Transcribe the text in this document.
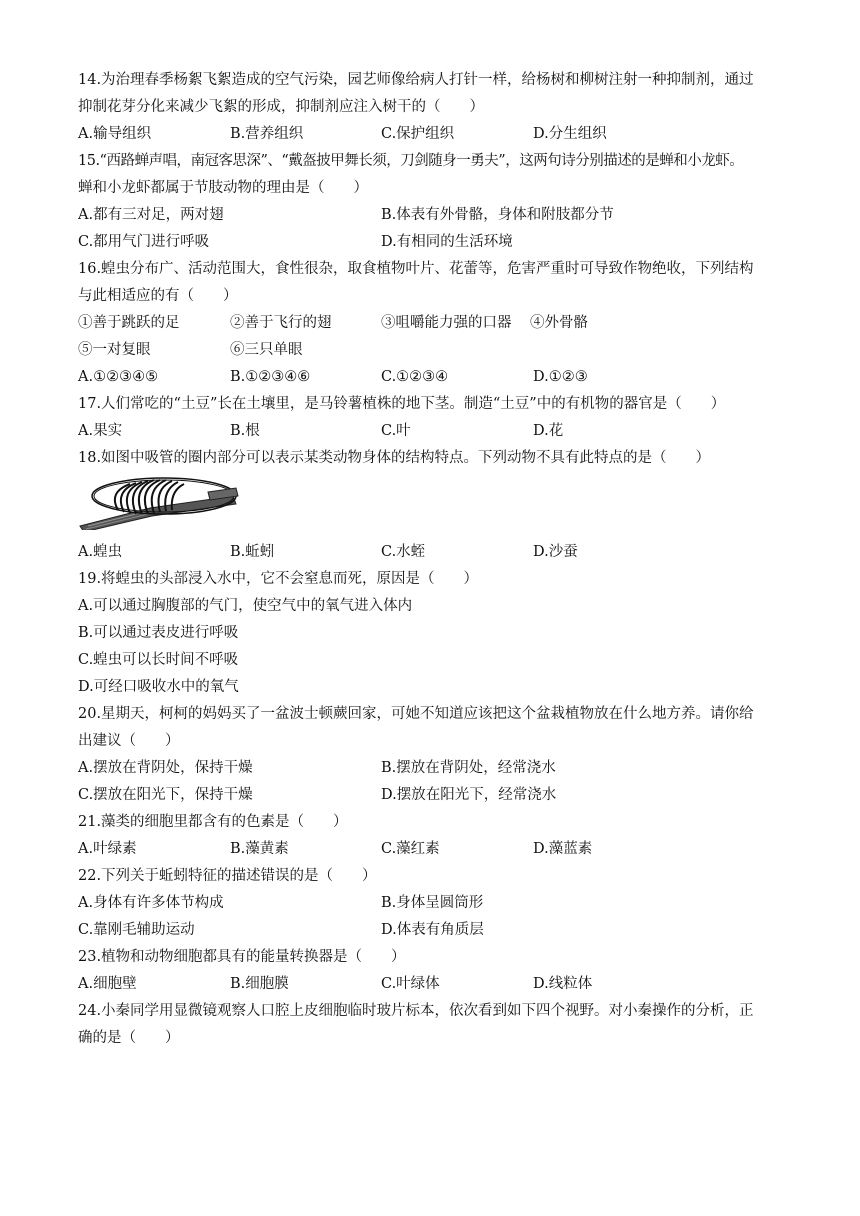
14.为治理春季杨絮飞絮造成的空气污染，园艺师像给病人打针一样，给杨树和柳树注射一种抑制剂，通过
抑制花芽分化来减少飞絮的形成，抑制剂应注入树干的（　　）
A.输导组织	B.营养组织	C.保护组织	D.分生组织
15.“西路蝉声唱，南冠客思深”、“戴盔披甲舞长须，刀剑随身一勇夫”，这两句诗分别描述的是蝉和小龙虾。
蝉和小龙虾都属于节肢动物的理由是（　　）
A.都有三对足，两对翅	B.体表有外骨骼，身体和附肢都分节
C.都用气门进行呼吸	D.有相同的生活环境
16.蝗虫分布广、活动范围大，食性很杂，取食植物叶片、花蕾等，危害严重时可导致作物绝收，下列结构
与此相适应的有（　　）
①善于跳跃的足	②善于飞行的翅	③咀嚼能力强的口器 ④外骨骼
⑤一对复眼	⑥三只单眼
A.①②③④⑤	B.①②③④⑥	C.①②③④	D.①②③
17.人们常吃的“土豆”长在土壤里，是马铃薯植株的地下茎。制造“土豆”中的有机物的器官是（　　）
A.果实	B.根	C.叶	D.花
18.如图中吸管的圈内部分可以表示某类动物身体的结构特点。下列动物不具有此特点的是（　　）
A.蝗虫	B.蚯蚓	C.水蛭	D.沙蚕
19.将蝗虫的头部浸入水中，它不会窒息而死，原因是（　　）
A.可以通过胸腹部的气门，使空气中的氧气进入体内
B.可以通过表皮进行呼吸
C.蝗虫可以长时间不呼吸
D.可经口吸收水中的氧气
20.星期天，柯柯的妈妈买了一盆波士顿蕨回家，可她不知道应该把这个盆栽植物放在什么地方养。请你给
出建议（　　）
A.摆放在背阴处，保持干燥	B.摆放在背阴处，经常浇水
C.摆放在阳光下，保持干燥	D.摆放在阳光下，经常浇水
21.藻类的细胞里都含有的色素是（　　）
A.叶绿素	B.藻黄素	C.藻红素	D.藻蓝素
22.下列关于蚯蚓特征的描述错误的是（　　）
A.身体有许多体节构成	B.身体呈圆筒形
C.靠刚毛辅助运动	D.体表有角质层
23.植物和动物细胞都具有的能量转换器是（　　）
A.细胞壁	B.细胞膜	C.叶绿体	D.线粒体
24.小秦同学用显微镜观察人口腔上皮细胞临时玻片标本，依次看到如下四个视野。对小秦操作的分析，正
确的是（　　）
